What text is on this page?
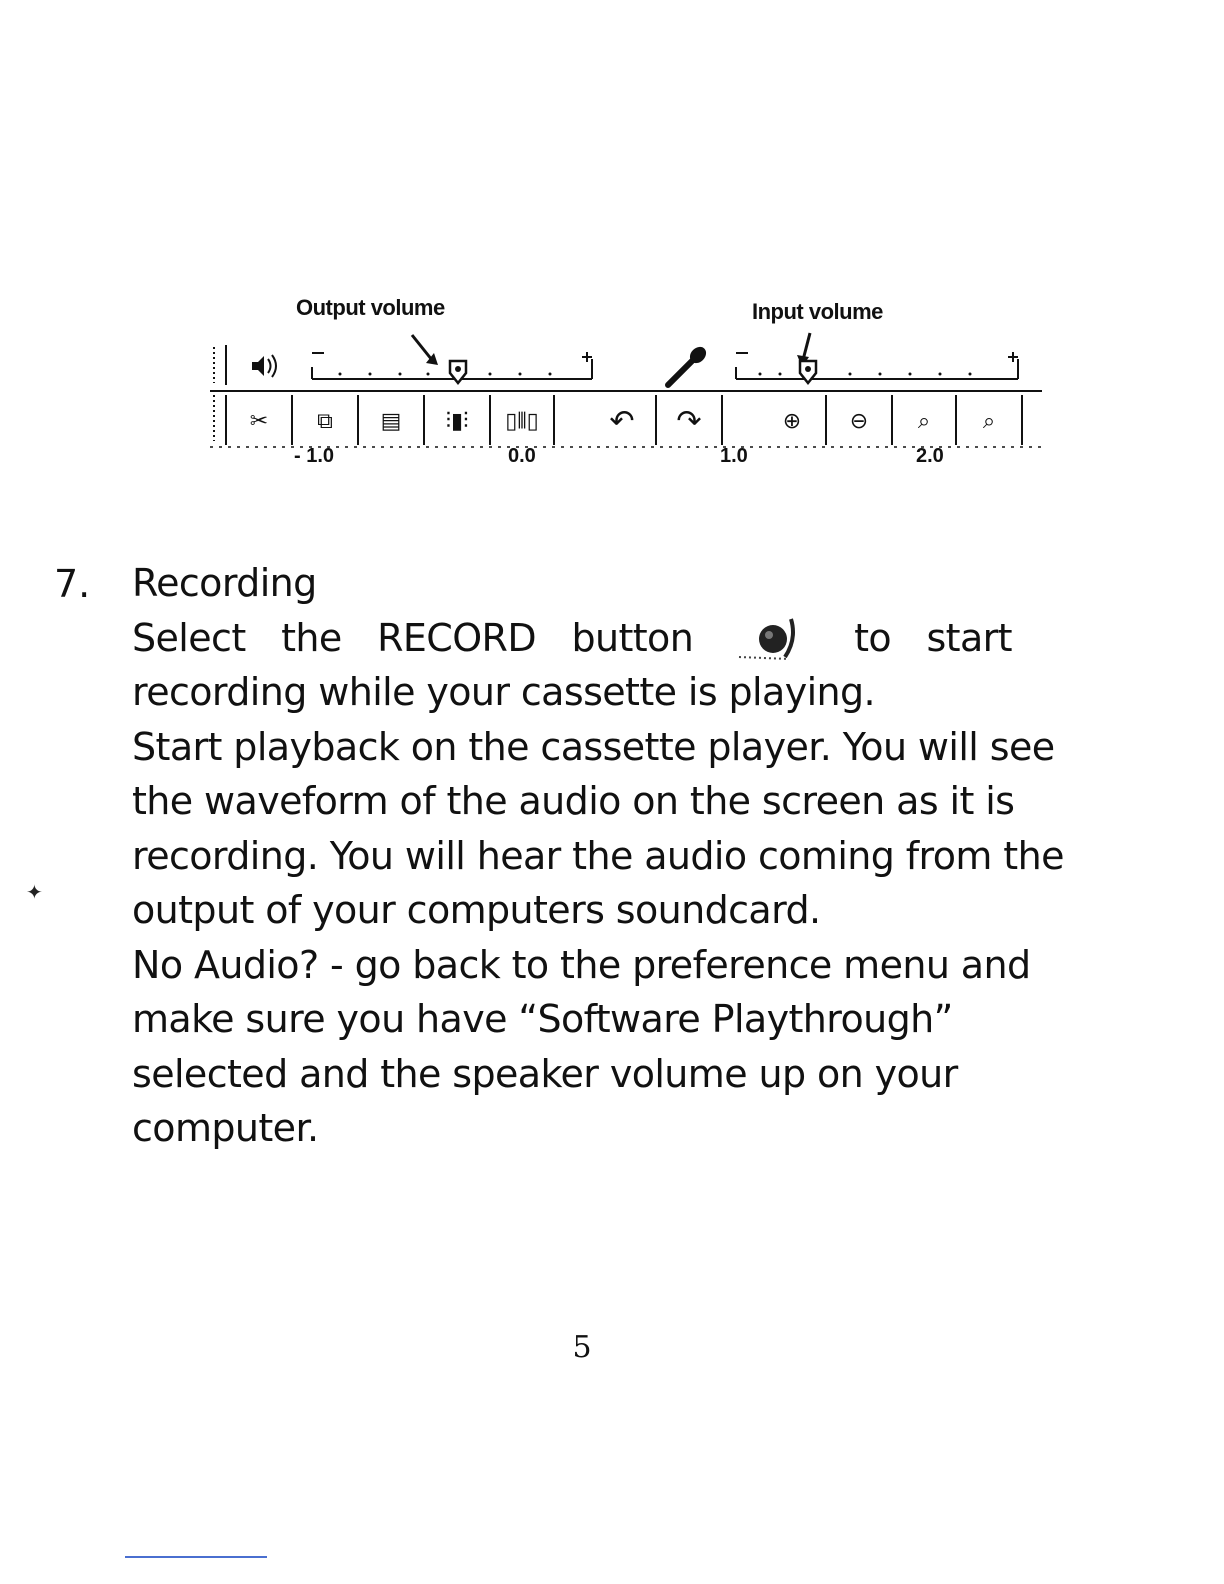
Output volume	Input volume
✂	⧉	▤	⫶▮⫶	▯⫴▯	↶	↷	⊕	⊖	⌕	⌕
- 1.0	0.0	1.0	2.0
7. Recording

Select the RECORD button	to start

recording while your cassette is playing.

Start playback on the cassette player. You will see the waveform of the audio on the screen as it is recording. You will hear the audio coming from the output of your computers soundcard.

No Audio? - go back to the preference menu and make sure you have “Software Playthrough” selected and the speaker volume up on your computer.

✦
5
